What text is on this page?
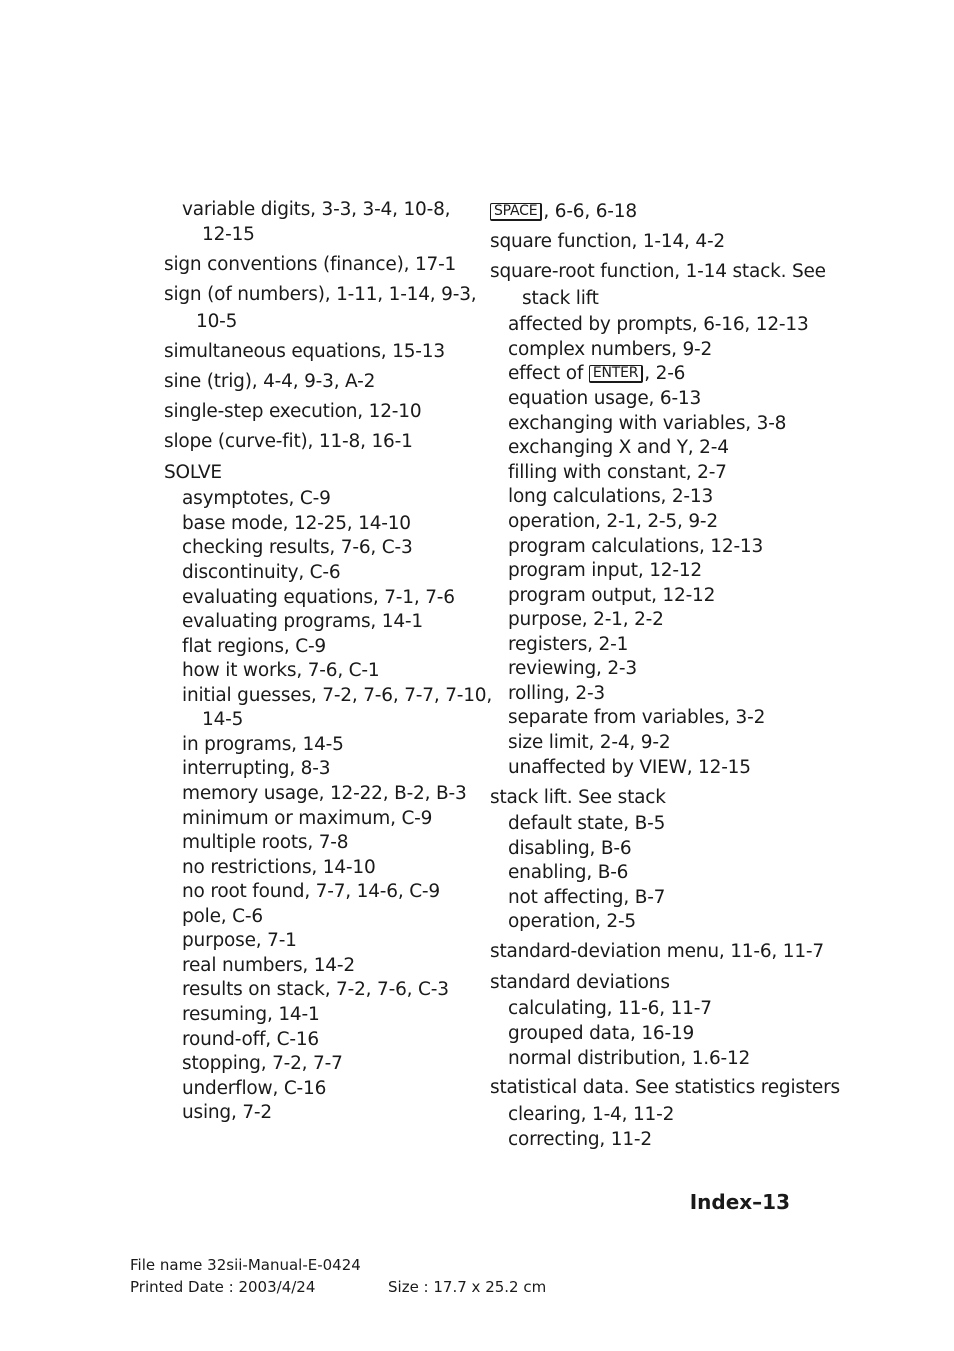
variable digits, 3-3, 3-4, 10-8,
12-15
sign conventions (finance), 17-1
sign (of numbers), 1-11, 1-14, 9-3,
10-5
simultaneous equations, 15-13
sine (trig), 4-4, 9-3, A-2
single-step execution, 12-10
slope (curve-fit), 11-8, 16-1
SOLVE
asymptotes, C-9
base mode, 12-25, 14-10
checking results, 7-6, C-3
discontinuity, C-6
evaluating equations, 7-1, 7-6
evaluating programs, 14-1
flat regions, C-9
how it works, 7-6, C-1
initial guesses, 7-2, 7-6, 7-7, 7-10,
14-5
in programs, 14-5
interrupting, 8-3
memory usage, 12-22, B-2, B-3
minimum or maximum, C-9
multiple roots, 7-8
no restrictions, 14-10
no root found, 7-7, 14-6, C-9
pole, C-6
purpose, 7-1
real numbers, 14-2
results on stack, 7-2, 7-6, C-3
resuming, 14-1
round-off, C-16
stopping, 7-2, 7-7
underflow, C-16
using, 7-2
SPACE , 6-6, 6-18
square function, 1-14, 4-2
square-root function, 1-14 stack. See
stack lift
affected by prompts, 6-16, 12-13
complex numbers, 9-2
effect of ENTER , 2-6
equation usage, 6-13
exchanging with variables, 3-8
exchanging X and Y, 2-4
filling with constant, 2-7
long calculations, 2-13
operation, 2-1, 2-5, 9-2
program calculations, 12-13
program input, 12-12
program output, 12-12
purpose, 2-1, 2-2
registers, 2-1
reviewing, 2-3
rolling, 2-3
separate from variables, 3-2
size limit, 2-4, 9-2
unaffected by VIEW, 12-15
stack lift. See stack
default state, B-5
disabling, B-6
enabling, B-6
not affecting, B-7
operation, 2-5
standard-deviation menu, 11-6, 11-7
standard deviations
calculating, 11-6, 11-7
grouped data, 16-19
normal distribution, 1.6-12
statistical data. See statistics registers
clearing, 1-4, 11-2
correcting, 11-2
Index–13
File name 32sii-Manual-E-0424
Printed Date : 2003/4/24	Size : 17.7 x 25.2 cm
